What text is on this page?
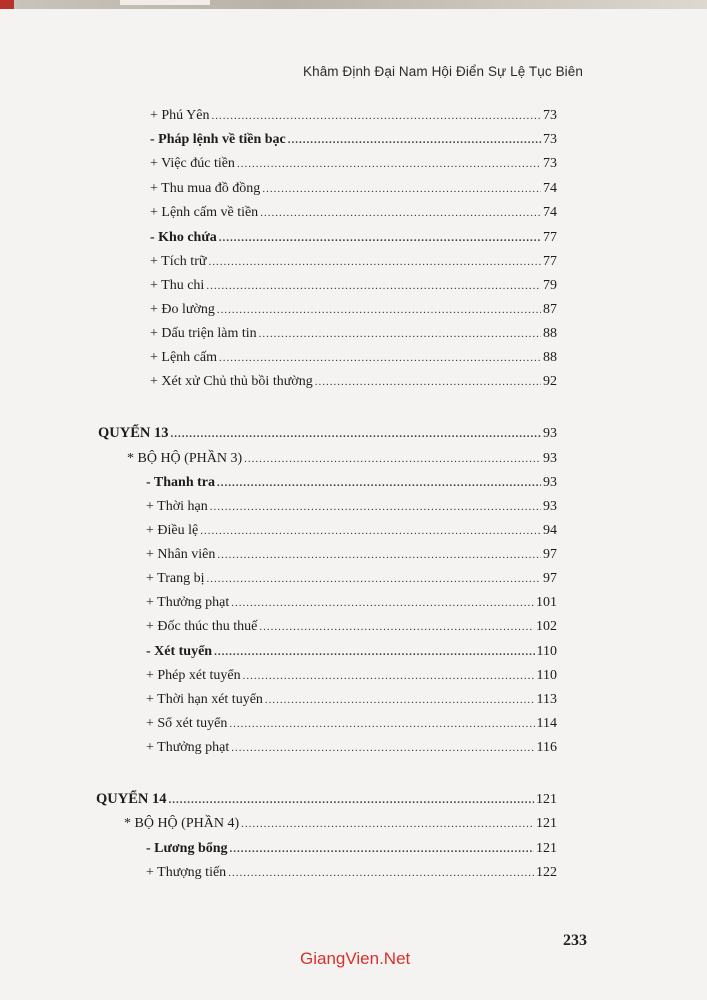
Khâm Định Đại Nam Hội Điển Sự Lệ Tục Biên
+ Phú Yên .....	73
- Pháp lệnh về tiền bạc .....	73
+ Việc đúc tiền .....	73
+ Thu mua đồ đồng .....	74
+ Lệnh cấm về tiền .....	74
- Kho chứa .....	77
+ Tích trữ .....	77
+ Thu chi .....	79
+ Đo lường .....	87
+ Dấu triện làm tin .....	88
+ Lệnh cấm .....	88
+ Xét xử Chủ thủ bồi thường .....	92
QUYỂN 13 .....	93
* BỘ HỘ (PHẦN 3) .....	93
- Thanh tra .....	93
+ Thời hạn .....	93
+ Điều lệ .....	94
+ Nhân viên .....	97
+ Trang bị .....	97
+ Thưởng phạt .....	101
+ Đốc thúc thu thuế .....	102
- Xét tuyển .....	110
+ Phép xét tuyển .....	110
+ Thời hạn xét tuyển .....	113
+ Sổ xét tuyển .....	114
+ Thưởng phạt .....	116
QUYỂN 14 .....	121
* BỘ HỘ (PHẦN 4) .....	121
- Lương bổng .....	121
+ Thượng tiến .....	122
233
GiangVien.Net
